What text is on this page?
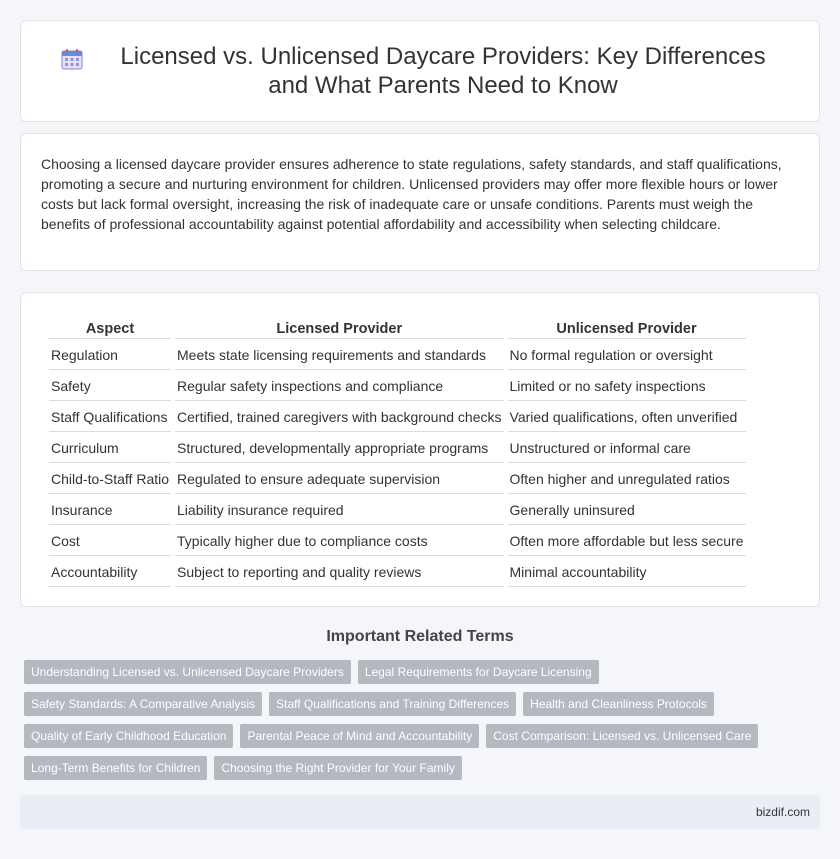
Licensed vs. Unlicensed Daycare Providers: Key Differences and What Parents Need to Know

Choosing a licensed daycare provider ensures adherence to state regulations, safety standards, and staff qualifications, promoting a secure and nurturing environment for children. Unlicensed providers may offer more flexible hours or lower costs but lack formal oversight, increasing the risk of inadequate care or unsafe conditions. Parents must weigh the benefits of professional accountability against potential affordability and accessibility when selecting childcare.

Aspect	Licensed Provider	Unlicensed Provider
Regulation	Meets state licensing requirements and standards	No formal regulation or oversight
Safety	Regular safety inspections and compliance	Limited or no safety inspections
Staff Qualifications	Certified, trained caregivers with background checks	Varied qualifications, often unverified
Curriculum	Structured, developmentally appropriate programs	Unstructured or informal care
Child-to-Staff Ratio	Regulated to ensure adequate supervision	Often higher and unregulated ratios
Insurance	Liability insurance required	Generally uninsured
Cost	Typically higher due to compliance costs	Often more affordable but less secure
Accountability	Subject to reporting and quality reviews	Minimal accountability
Important Related Terms
Understanding Licensed vs. Unlicensed Daycare Providers	Legal Requirements for Daycare Licensing
Safety Standards: A Comparative Analysis	Staff Qualifications and Training Differences	Health and Cleanliness Protocols
Quality of Early Childhood Education	Parental Peace of Mind and Accountability	Cost Comparison: Licensed vs. Unlicensed Care
Long-Term Benefits for Children	Choosing the Right Provider for Your Family
bizdif.com
